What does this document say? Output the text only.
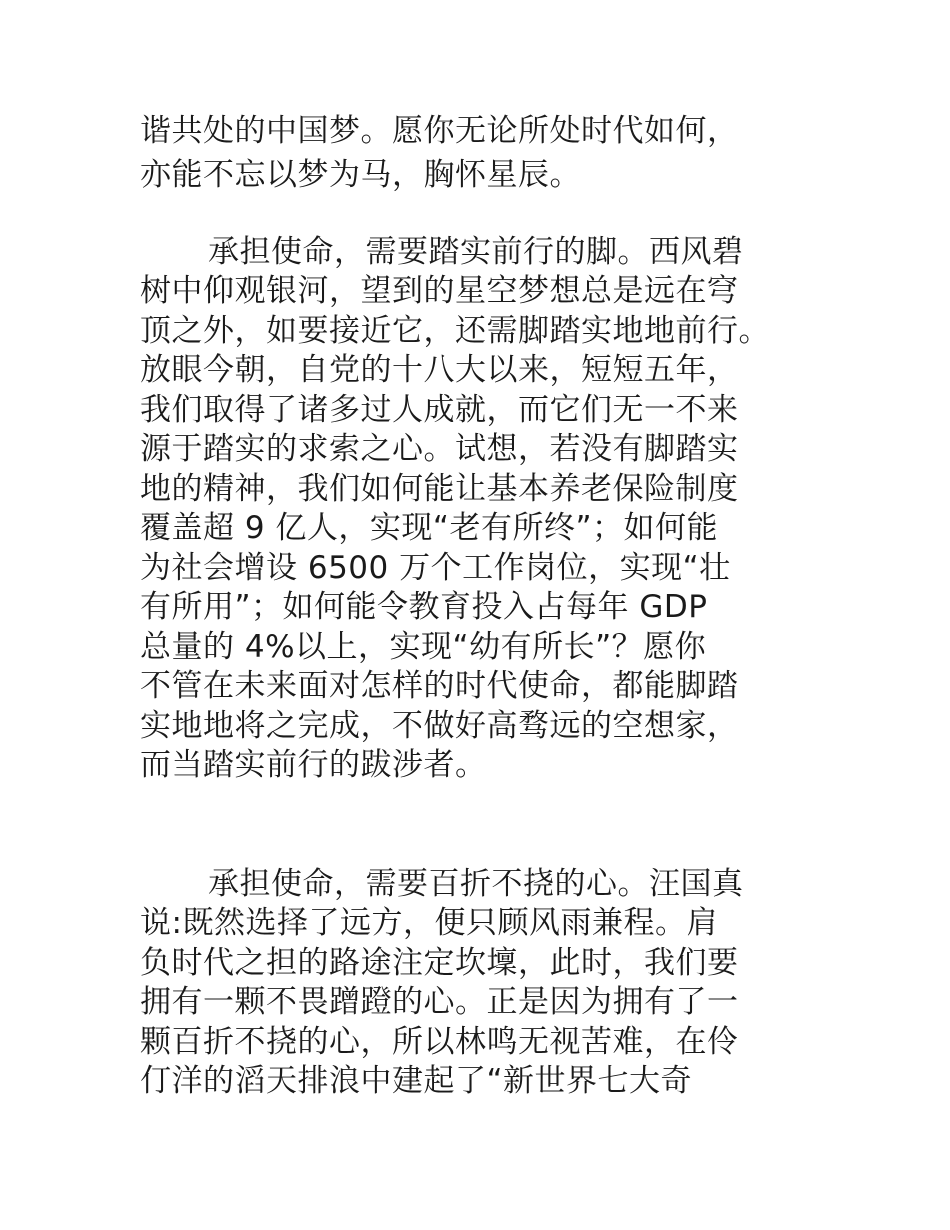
谐共处的中国梦。愿你无论所处时代如何，
亦能不忘以梦为马，胸怀星辰。
承担使命，需要踏实前行的脚。西风碧
树中仰观银河，望到的星空梦想总是远在穹
顶之外，如要接近它，还需脚踏实地地前行。
放眼今朝，自党的十八大以来，短短五年，
我们取得了诸多过人成就，而它们无一不来
源于踏实的求索之心。试想，若没有脚踏实
地的精神，我们如何能让基本养老保险制度
覆盖超 9 亿人，实现“老有所终”；如何能
为社会增设 6500 万个工作岗位，实现“壮
有所用”；如何能令教育投入占每年 GDP
总量的 4%以上，实现“幼有所长”？愿你
不管在未来面对怎样的时代使命，都能脚踏
实地地将之完成，不做好高骛远的空想家，
而当踏实前行的跋涉者。
承担使命，需要百折不挠的心。汪国真
说:既然选择了远方，便只顾风雨兼程。肩
负时代之担的路途注定坎壈，此时，我们要
拥有一颗不畏蹭蹬的心。正是因为拥有了一
颗百折不挠的心，所以林鸣无视苦难，在伶
仃洋的滔天排浪中建起了“新世界七大奇
